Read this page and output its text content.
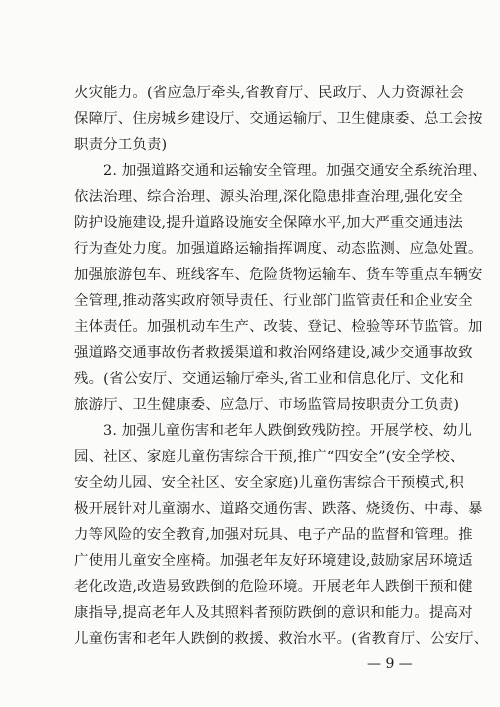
火灾能力。(省应急厅牵头,省教育厅、民政厅、人力资源社会
保障厅、住房城乡建设厅、交通运输厅、卫生健康委、总工会按
职责分工负责)
2. 加强道路交通和运输安全管理。加强交通安全系统治理、
依法治理、综合治理、源头治理,深化隐患排查治理,强化安全
防护设施建设,提升道路设施安全保障水平,加大严重交通违法
行为查处力度。加强道路运输指挥调度、动态监测、应急处置。
加强旅游包车、班线客车、危险货物运输车、货车等重点车辆安
全管理,推动落实政府领导责任、行业部门监管责任和企业安全
主体责任。加强机动车生产、改装、登记、检验等环节监管。加
强道路交通事故伤者救援渠道和救治网络建设,减少交通事故致
残。(省公安厅、交通运输厅牵头,省工业和信息化厅、文化和
旅游厅、卫生健康委、应急厅、市场监管局按职责分工负责)
3. 加强儿童伤害和老年人跌倒致残防控。开展学校、幼儿
园、社区、家庭儿童伤害综合干预,推广“四安全”(安全学校、
安全幼儿园、安全社区、安全家庭)儿童伤害综合干预模式,积
极开展针对儿童溺水、道路交通伤害、跌落、烧烫伤、中毒、暴
力等风险的安全教育,加强对玩具、电子产品的监督和管理。推
广使用儿童安全座椅。加强老年友好环境建设,鼓励家居环境适
老化改造,改造易致跌倒的危险环境。开展老年人跌倒干预和健
康指导,提高老年人及其照料者预防跌倒的意识和能力。提高对
儿童伤害和老年人跌倒的救援、救治水平。(省教育厅、公安厅、
— 9 —
